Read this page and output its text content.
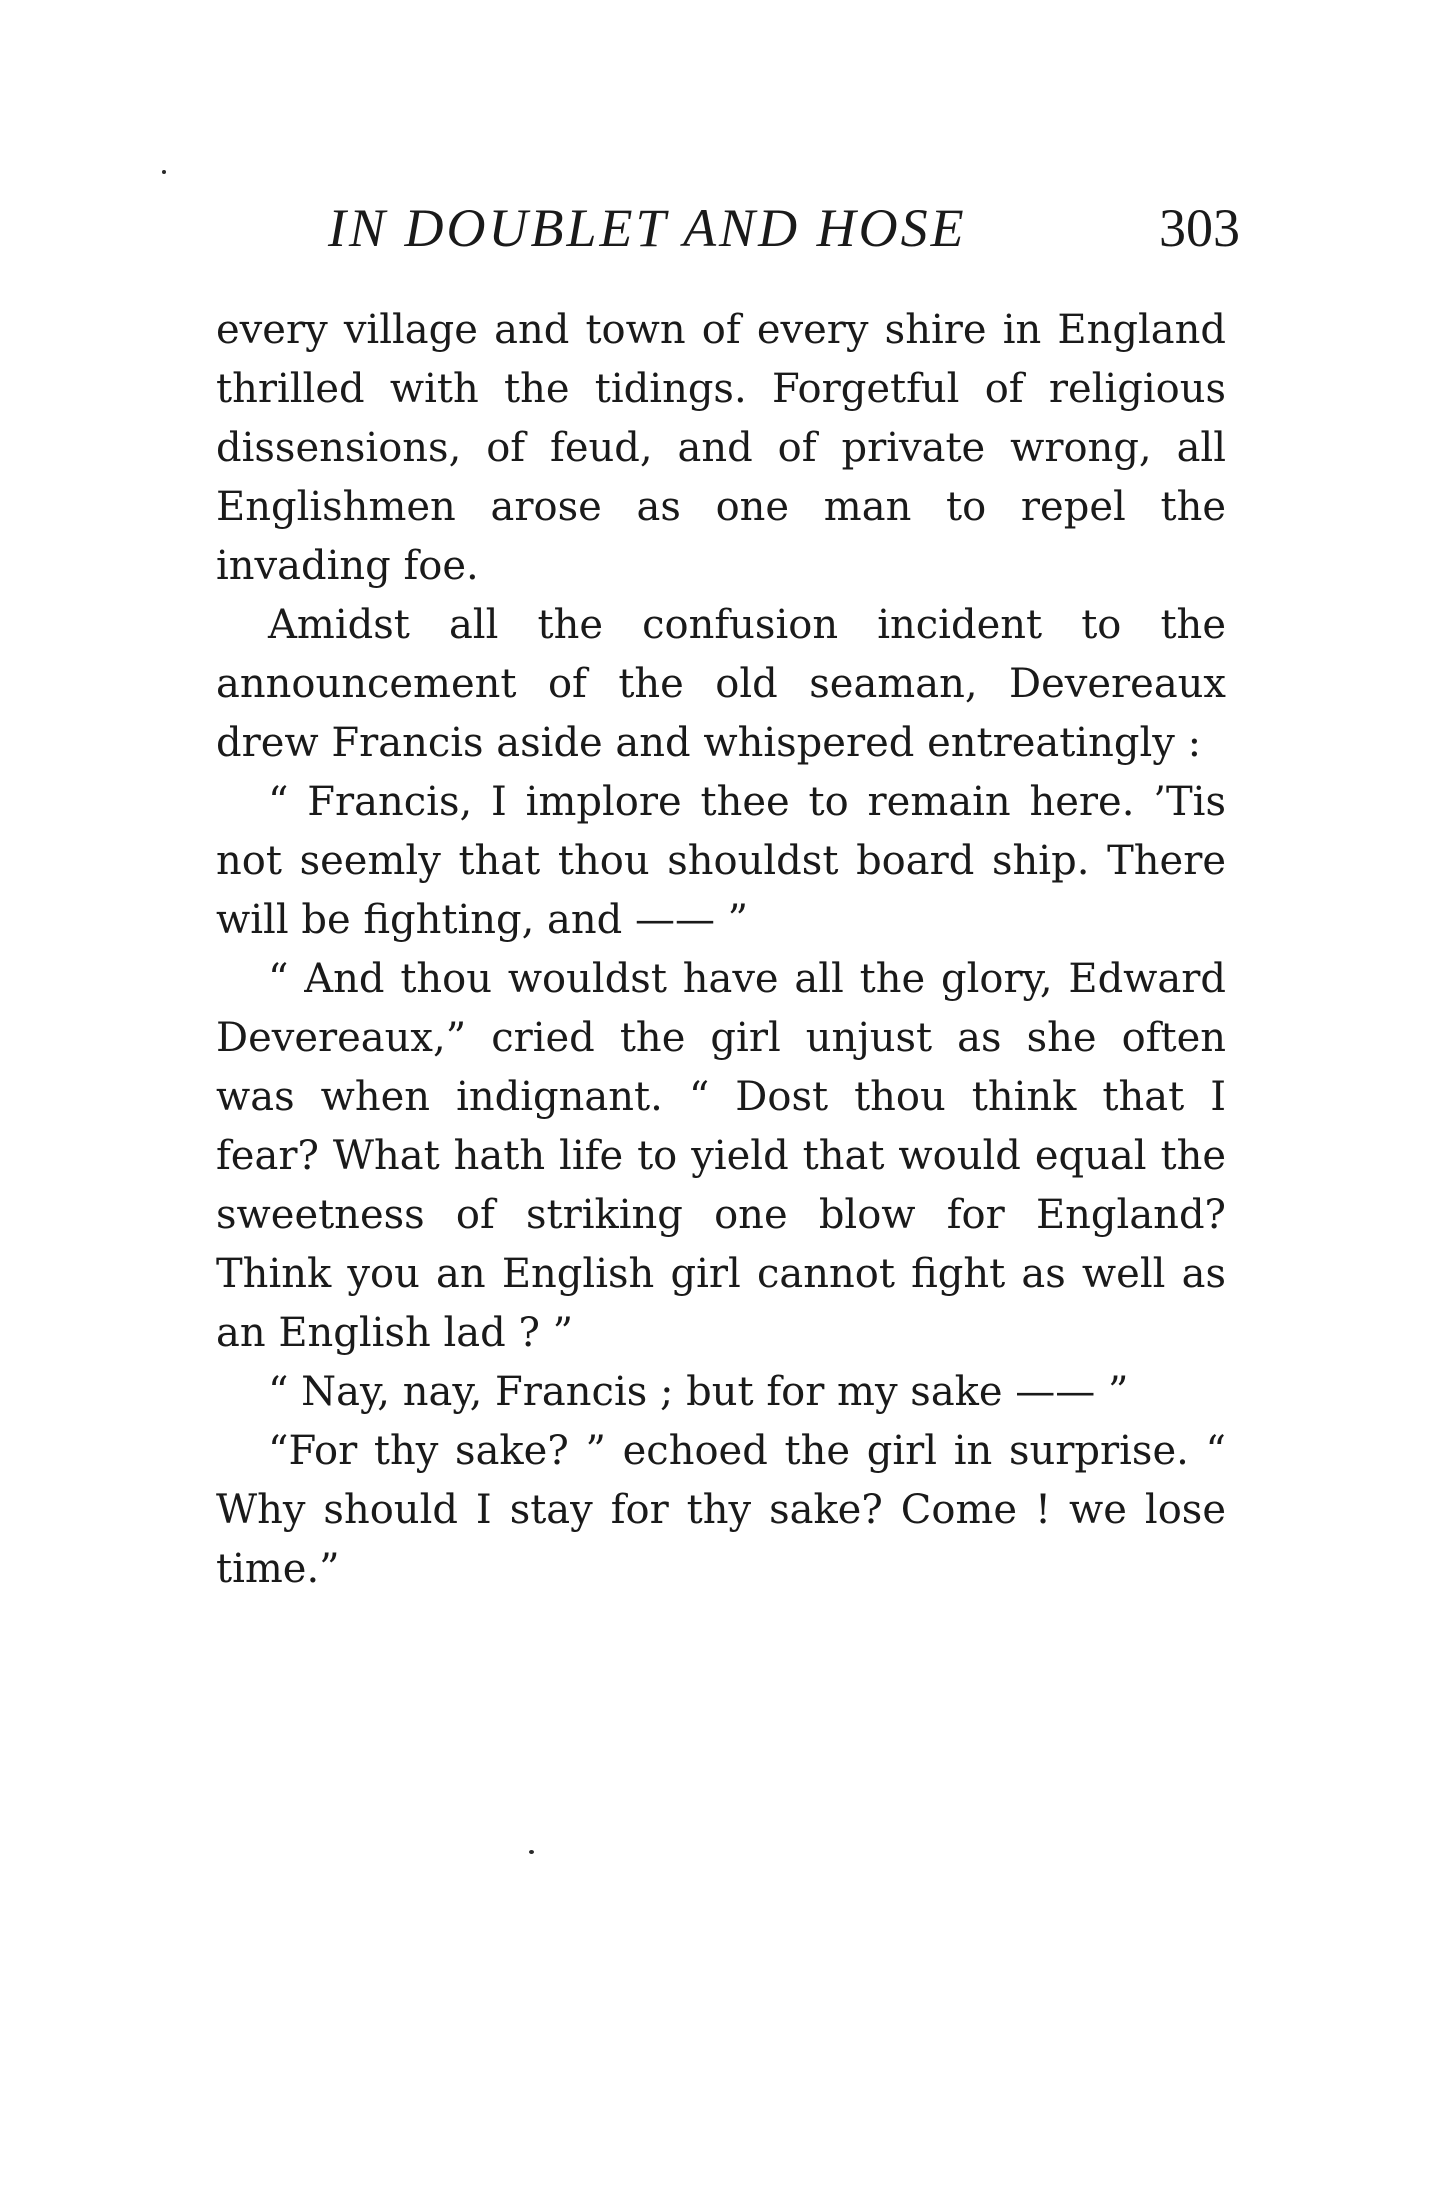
IN DOUBLET AND HOSE	303

every village and town of every shire in England thrilled with the tidings. Forgetful of religious dissensions, of feud, and of private wrong, all Englishmen arose as one man to repel the invading foe.

Amidst all the confusion incident to the announcement of the old seaman, Devereaux drew Francis aside and whispered entreatingly :

“ Francis, I implore thee to remain here. ’Tis not seemly that thou shouldst board ship. There will be fighting, and —— ”

“ And thou wouldst have all the glory, Edward Devereaux,” cried the girl unjust as she often was when indignant. “ Dost thou think that I fear? What hath life to yield that would equal the sweetness of striking one blow for England? Think you an English girl cannot fight as well as an English lad ? ”

“ Nay, nay, Francis ; but for my sake —— ”

“For thy sake? ” echoed the girl in surprise. “ Why should I stay for thy sake? Come ! we lose time.”
